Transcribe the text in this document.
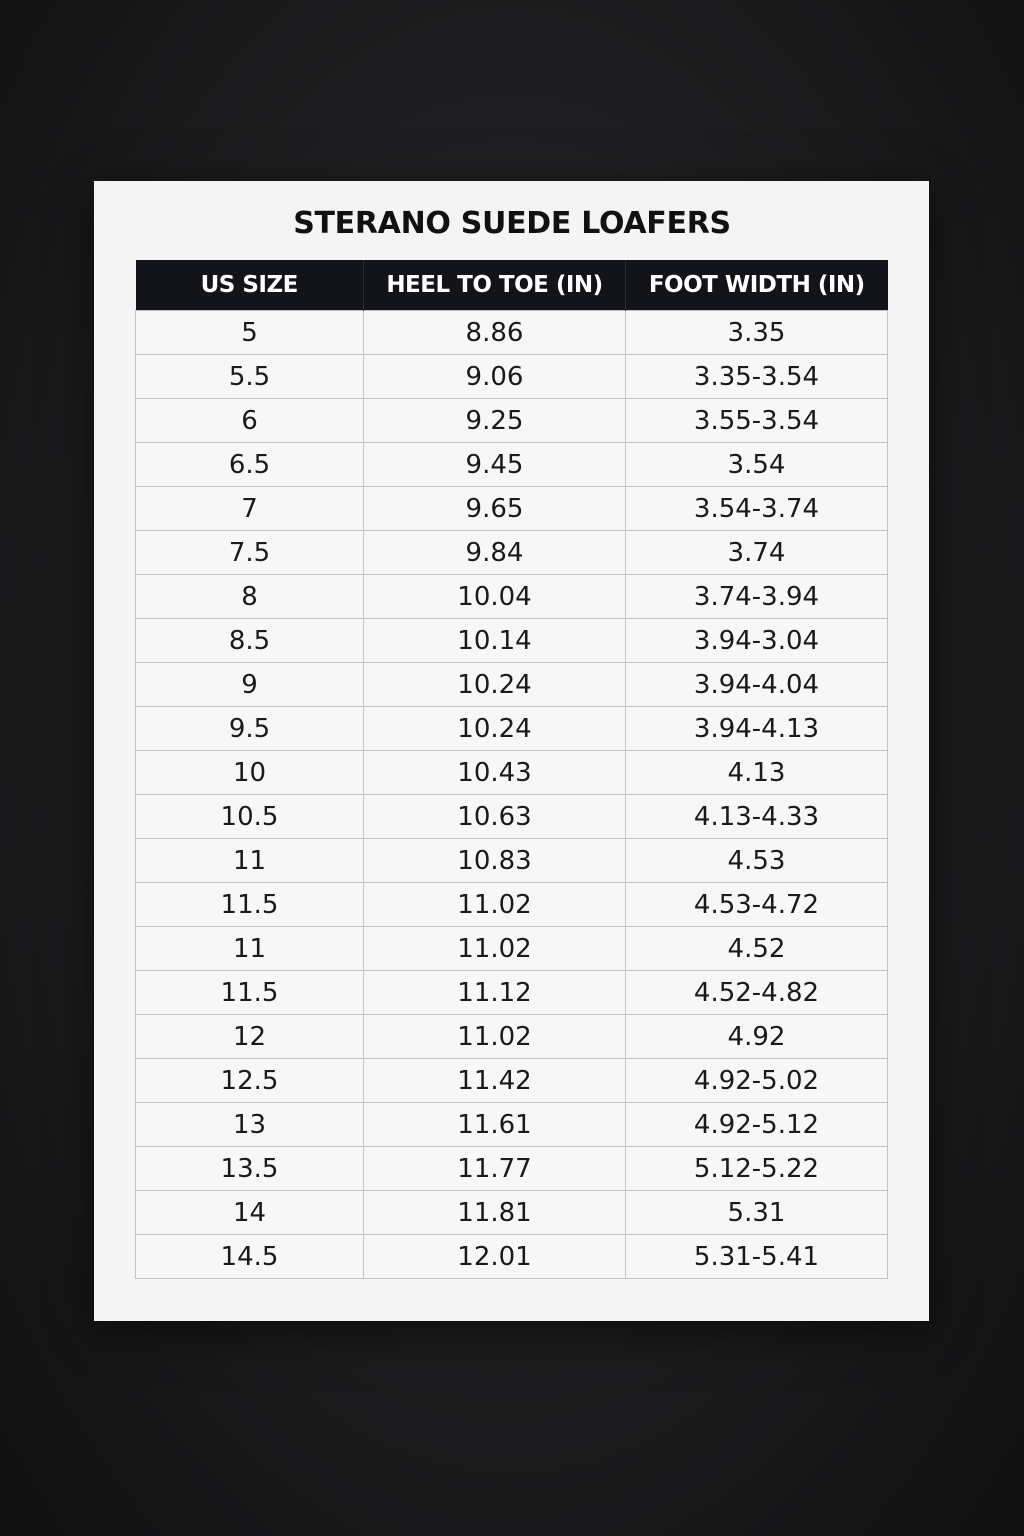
STERANO SUEDE LOAFERS
US SIZE	HEEL TO TOE (IN)	FOOT WIDTH (IN)
5	8.86	3.35
5.5	9.06	3.35-3.54
6	9.25	3.55-3.54
6.5	9.45	3.54
7	9.65	3.54-3.74
7.5	9.84	3.74
8	10.04	3.74-3.94
8.5	10.14	3.94-3.04
9	10.24	3.94-4.04
9.5	10.24	3.94-4.13
10	10.43	4.13
10.5	10.63	4.13-4.33
11	10.83	4.53
11.5	11.02	4.53-4.72
11	11.02	4.52
11.5	11.12	4.52-4.82
12	11.02	4.92
12.5	11.42	4.92-5.02
13	11.61	4.92-5.12
13.5	11.77	5.12-5.22
14	11.81	5.31
14.5	12.01	5.31-5.41
